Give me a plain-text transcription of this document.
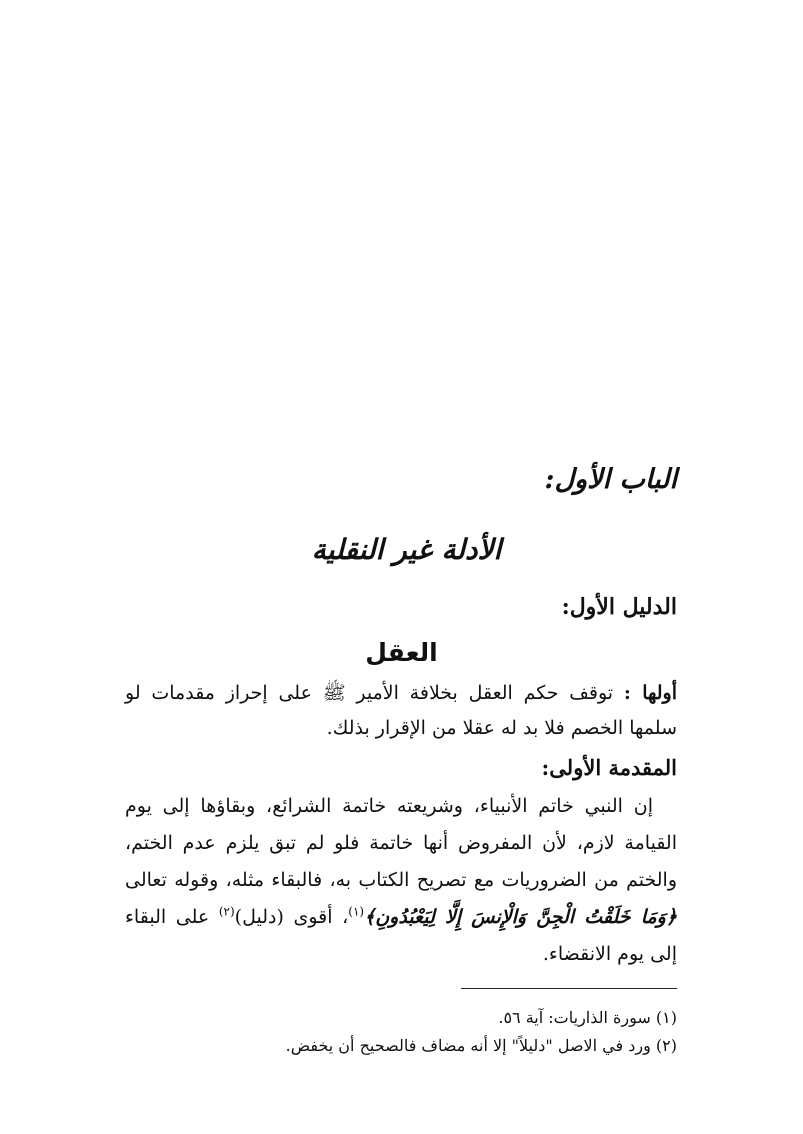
الباب الأول:
الأدلة غير النقلية
الدليل الأول:
العقل
أولها : توقف حكم العقل بخلافة الأمير ﷺ على إحراز مقدمات لو سلمها الخصم فلا بد له عقلا من الإقرار بذلك.
المقدمة الأولى:
إن النبي خاتم الأنبياء، وشريعته خاتمة الشرائع، وبقاؤها إلى يوم القيامة لازم، لأن المفروض أنها خاتمة فلو لم تبق يلزم عدم الختم، والختم من الضروريات مع تصريح الكتاب به، فالبقاء مثله، وقوله تعالى ﴿وَمَا خَلَقْتُ الْجِنَّ وَالْإِنسَ إِلَّا لِيَعْبُدُونِ﴾$^{(١)}$، أقوى (دليل)$^{(٢)}$ على البقاء إلى يوم الانقضاء.
(١) سورة الذاريات: آية ٥٦.
(٢) ورد في الاصل "دليلاً" إلا أنه مضاف فالصحيح أن يخفض.
